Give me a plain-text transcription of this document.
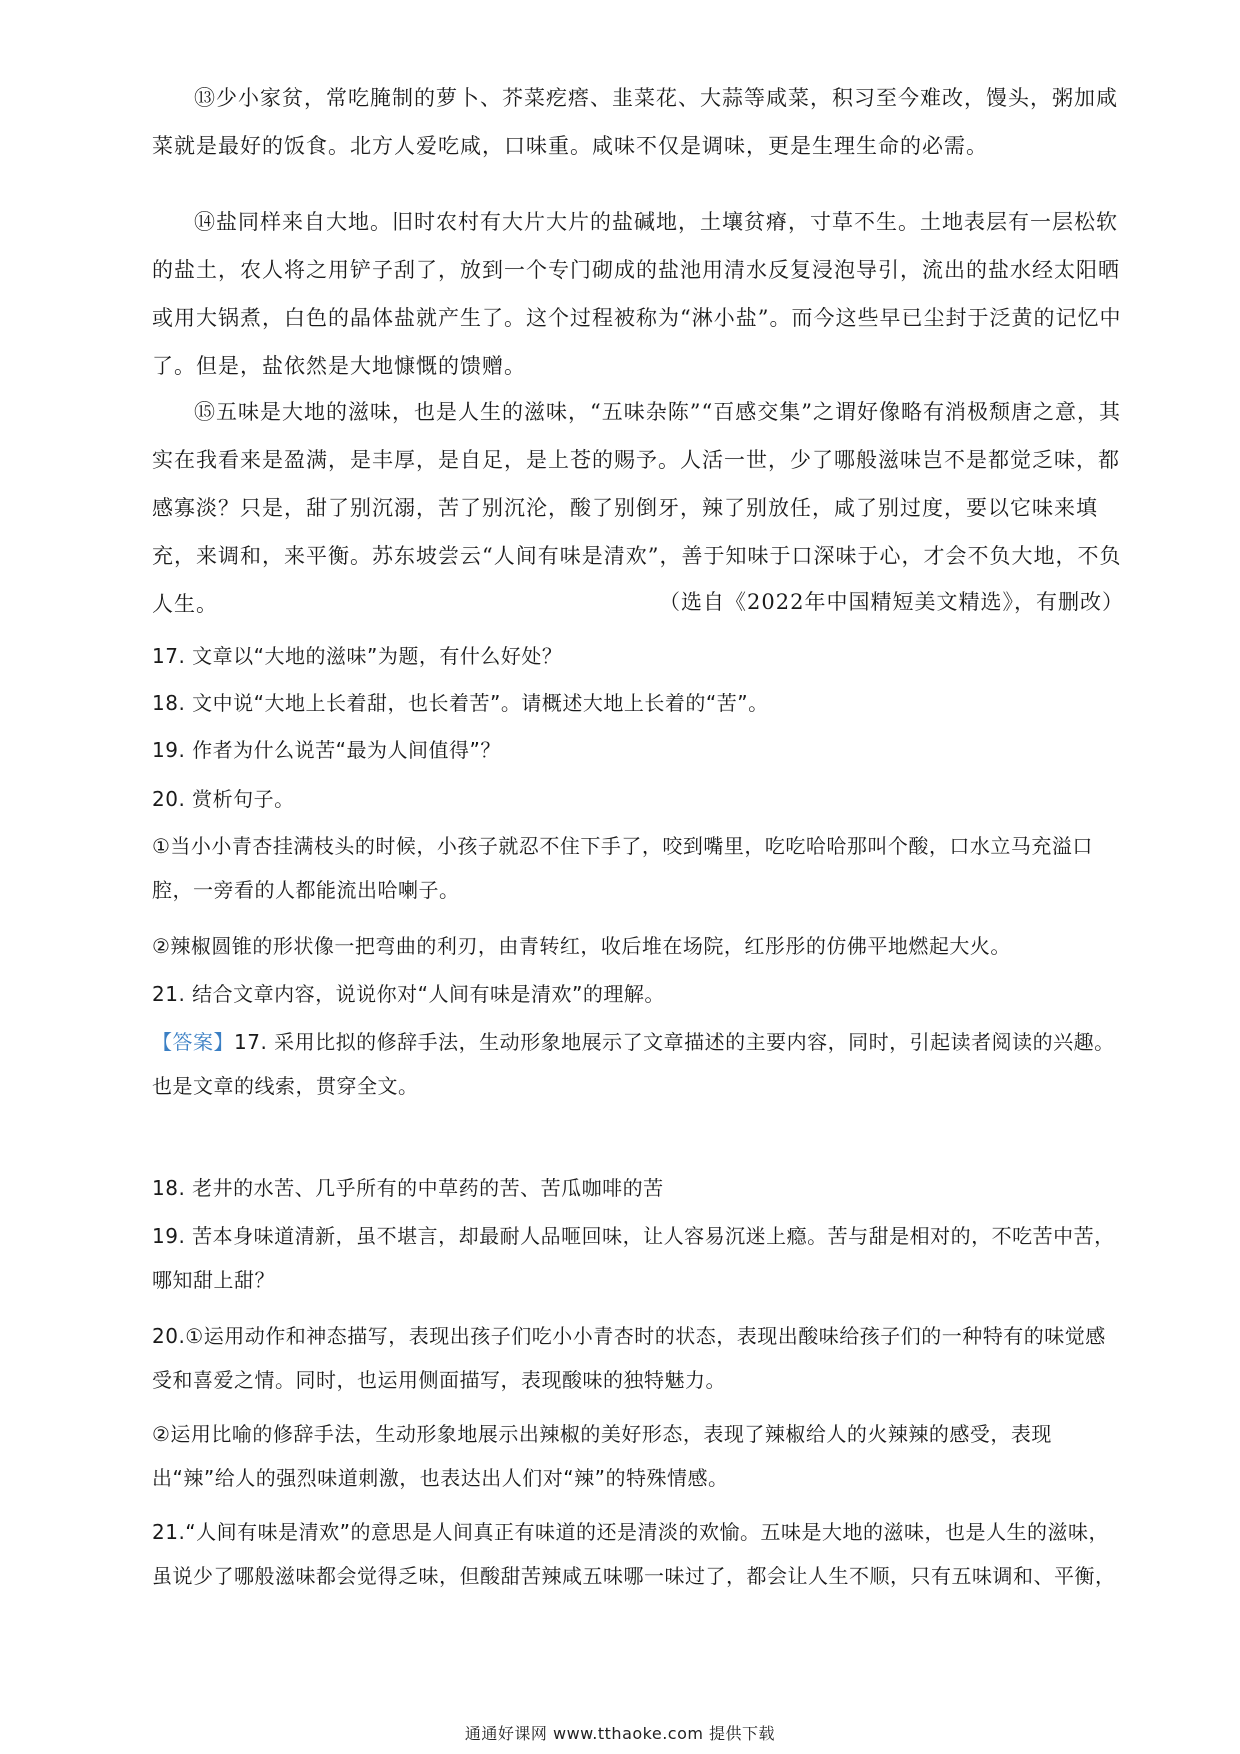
⑬少小家贫，常吃腌制的萝卜、芥菜疙瘩、韭菜花、大蒜等咸菜，积习至今难改，馒头，粥加咸菜就是最好的饭食。北方人爱吃咸，口味重。咸味不仅是调味，更是生理生命的必需。

⑭盐同样来自大地。旧时农村有大片大片的盐碱地，土壤贫瘠，寸草不生。土地表层有一层松软的盐土，农人将之用铲子刮了，放到一个专门砌成的盐池用清水反复浸泡导引，流出的盐水经太阳晒或用大锅煮，白色的晶体盐就产生了。这个过程被称为“淋小盐”。而今这些早已尘封于泛黄的记忆中了。但是，盐依然是大地慷慨的馈赠。

⑮五味是大地的滋味，也是人生的滋味，“五味杂陈”“百感交集”之谓好像略有消极颓唐之意，其实在我看来是盈满，是丰厚，是自足，是上苍的赐予。人活一世，少了哪般滋味岂不是都觉乏味，都感寡淡？只是，甜了别沉溺，苦了别沉沦，酸了别倒牙，辣了别放任，咸了别过度，要以它味来填充，来调和，来平衡。苏东坡尝云“人间有味是清欢”，善于知味于口深味于心，才会不负大地，不负人生。	（选自《2022年中国精短美文精选》，有删改）

17. 文章以“大地的滋味”为题，有什么好处？

18. 文中说“大地上长着甜，也长着苦”。请概述大地上长着的“苦”。

19. 作者为什么说苦“最为人间值得”？

20. 赏析句子。

①当小小青杏挂满枝头的时候，小孩子就忍不住下手了，咬到嘴里，吃吃哈哈那叫个酸，口水立马充溢口腔，一旁看的人都能流出哈喇子。

②辣椒圆锥的形状像一把弯曲的利刃，由青转红，收后堆在场院，红彤彤的仿佛平地燃起大火。

21. 结合文章内容，说说你对“人间有味是清欢”的理解。

【答案】17. 采用比拟的修辞手法，生动形象地展示了文章描述的主要内容，同时，引起读者阅读的兴趣。也是文章的线索，贯穿全文。

18. 老井的水苦、几乎所有的中草药的苦、苦瓜咖啡的苦

19. 苦本身味道清新，虽不堪言，却最耐人品咂回味，让人容易沉迷上瘾。苦与甜是相对的，不吃苦中苦，哪知甜上甜？

20.①运用动作和神态描写，表现出孩子们吃小小青杏时的状态，表现出酸味给孩子们的一种特有的味觉感受和喜爱之情。同时，也运用侧面描写，表现酸味的独特魅力。

②运用比喻的修辞手法，生动形象地展示出辣椒的美好形态，表现了辣椒给人的火辣辣的感受，表现出“辣”给人的强烈味道刺激，也表达出人们对“辣”的特殊情感。

21.“人间有味是清欢”的意思是人间真正有味道的还是清淡的欢愉。五味是大地的滋味，也是人生的滋味，虽说少了哪般滋味都会觉得乏味，但酸甜苦辣咸五味哪一味过了，都会让人生不顺，只有五味调和、平衡，

通通好课网 www.tthaoke.com 提供下载
